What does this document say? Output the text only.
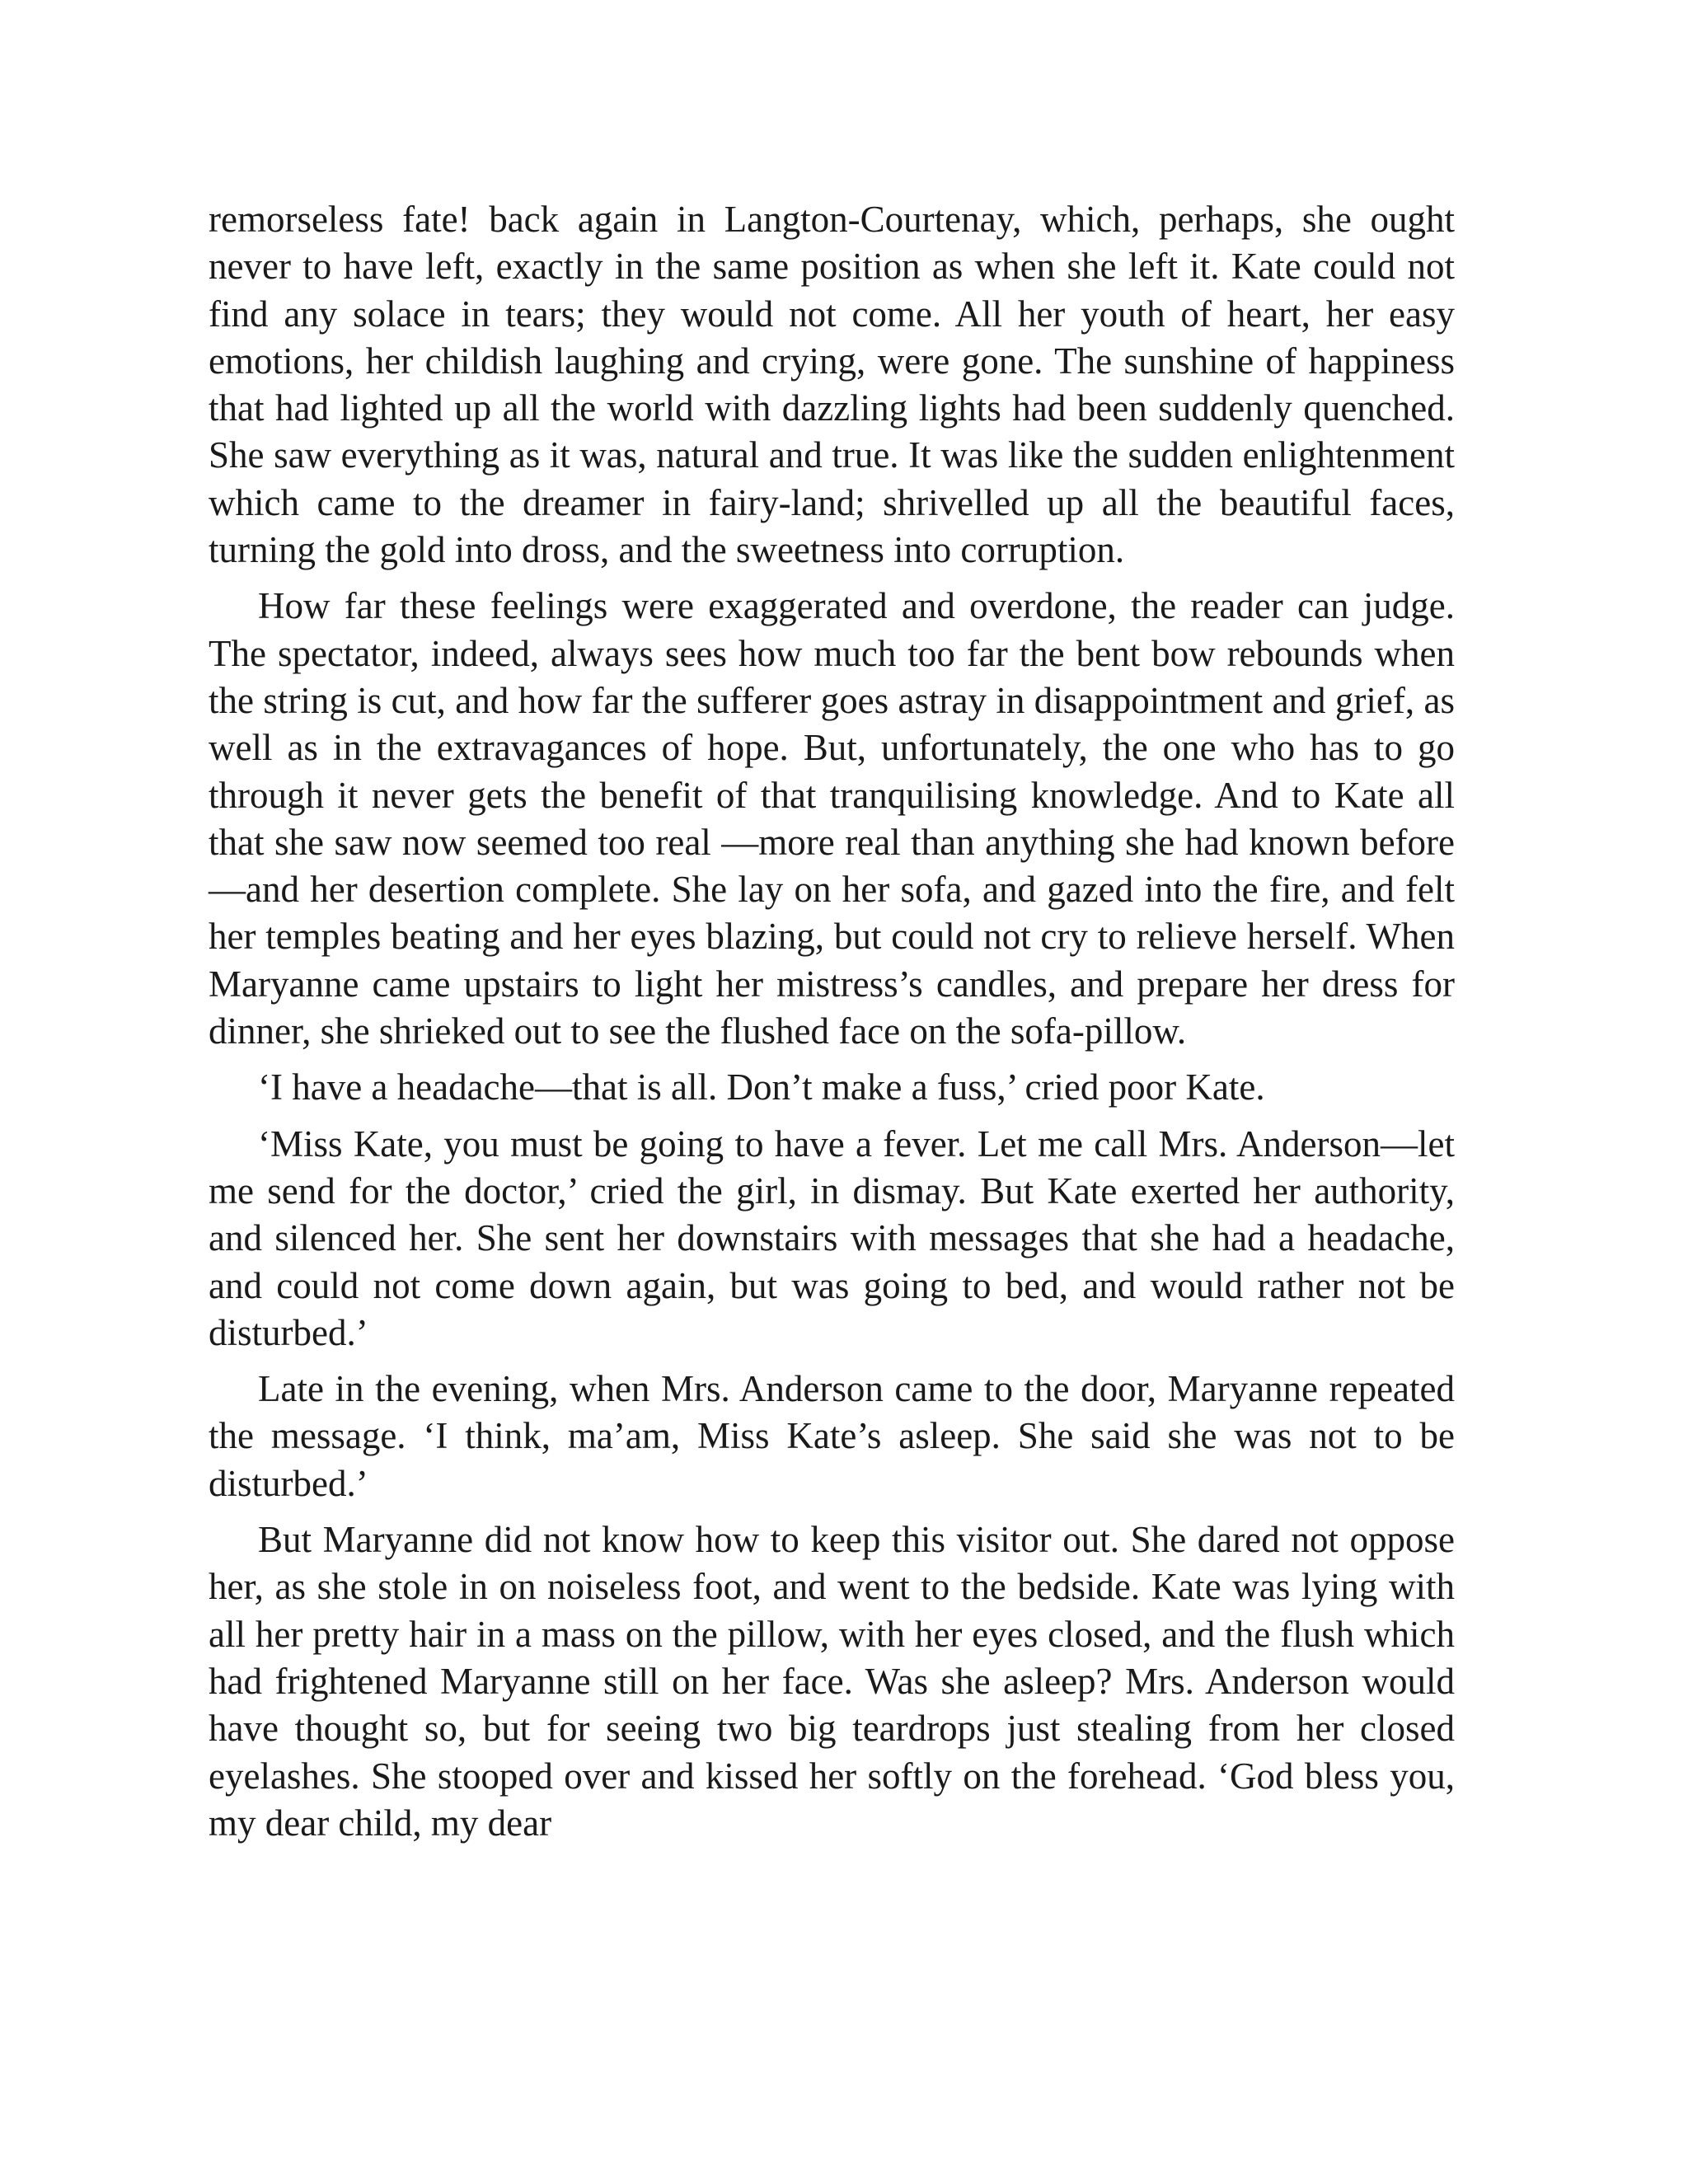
remorseless fate! back again in Langton-Courtenay, which, perhaps, she ought never to have left, exactly in the same position as when she left it. Kate could not find any solace in tears; they would not come. All her youth of heart, her easy emotions, her childish laughing and crying, were gone. The sunshine of happiness that had lighted up all the world with dazzling lights had been suddenly quenched. She saw everything as it was, natural and true. It was like the sudden enlightenment which came to the dreamer in fairy-land; shrivelled up all the beautiful faces, turning the gold into dross, and the sweetness into corruption.

How far these feelings were exaggerated and overdone, the reader can judge. The spectator, indeed, always sees how much too far the bent bow rebounds when the string is cut, and how far the sufferer goes astray in disappointment and grief, as well as in the extravagances of hope. But, unfortunately, the one who has to go through it never gets the benefit of that tranquilising knowledge. And to Kate all that she saw now seemed too real —more real than anything she had known before—and her desertion complete. She lay on her sofa, and gazed into the fire, and felt her temples beating and her eyes blazing, but could not cry to relieve herself. When Maryanne came upstairs to light her mistress’s candles, and prepare her dress for dinner, she shrieked out to see the flushed face on the sofa-pillow.

‘I have a headache—that is all. Don’t make a fuss,’ cried poor Kate.

‘Miss Kate, you must be going to have a fever. Let me call Mrs. Anderson—let me send for the doctor,’ cried the girl, in dismay. But Kate exerted her authority, and silenced her. She sent her downstairs with messages that she had a headache, and could not come down again, but was going to bed, and would rather not be disturbed.’

Late in the evening, when Mrs. Anderson came to the door, Maryanne repeated the message. ‘I think, ma’am, Miss Kate’s asleep. She said she was not to be disturbed.’

But Maryanne did not know how to keep this visitor out. She dared not oppose her, as she stole in on noiseless foot, and went to the bedside. Kate was lying with all her pretty hair in a mass on the pillow, with her eyes closed, and the flush which had frightened Maryanne still on her face. Was she asleep? Mrs. Anderson would have thought so, but for seeing two big teardrops just stealing from her closed eyelashes. She stooped over and kissed her softly on the forehead. ‘God bless you, my dear child, my dear
